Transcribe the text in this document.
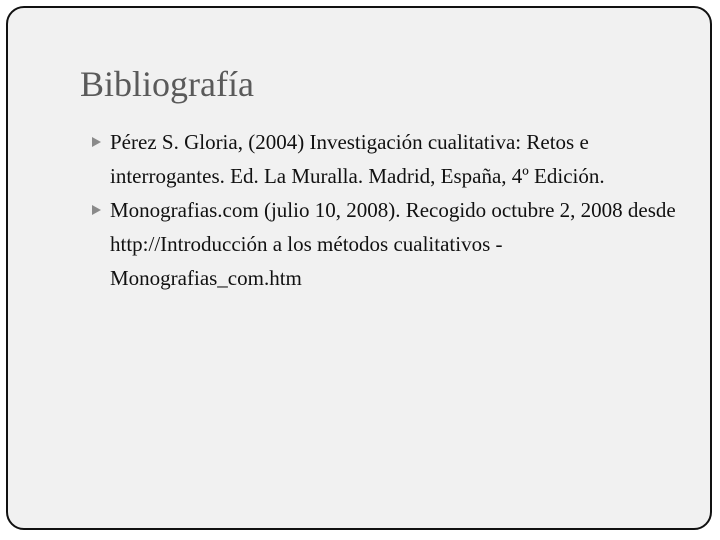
Bibliografía
Pérez S. Gloria, (2004) Investigación cualitativa: Retos e interrogantes. Ed. La Muralla. Madrid, España, 4º Edición.
Monografias.com (julio 10, 2008). Recogido octubre 2, 2008 desde http://Introducción a los métodos cualitativos - Monografias_com.htm
